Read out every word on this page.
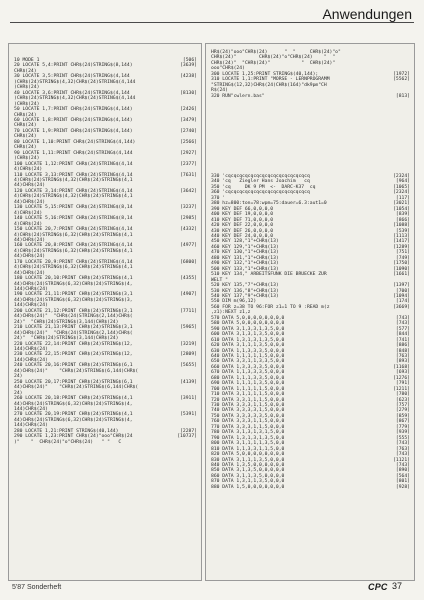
Anwendungen
10 MODE 1	[506]
20 LOCATE 5,4:PRINT CHR$(24)STRING$(8,144)	[3639]
CHR$(24)
30 LOCATE 3,5:PRINT CHR$(24)STRING$(4,144	[4238]
)CHR$(24)STRING$(4,32)CHR$(24)STRING$(4,144
)CHR$(24)
40 LOCATE 3,6:PRINT CHR$(24)STRING$(4,144	[8130]
)CHR$(24)STRING$(4,32)CHR$(24)STRING$(4,144
)CHR$(24)
50 LOCATE 1,7:PRINT CHR$(24)STRING$(4,144)	[2426]
CHR$(24)
60 LOCATE 1,8:PRINT CHR$(24)STRING$(4,144)	[3479]
CHR$(24)
70 LOCATE 1,9:PRINT CHR$(24)STRING$(4,144)	[2740]
CHR$(24)
80 LOCATE 1,10:PRINT CHR$(24)STRING$(4,144)	[2566]
CHR$(24)
90 LOCATE 1,11:PRINT CHR$(24)STRING$(4,144	[2927]
)CHR$(24)
100 LOCATE 1,12:PRINT CHR$(24)STRING$(4,14	[2377]
4)CHR$(24)
110 LOCATE 3,13:PRINT CHR$(24)STRING$(4,14	[7631]
4)CHR$(24)STRING$(4,32)CHR$(24)STRING$(4,1
44)CHR$(24)
120 LOCATE 3,14:PRINT CHR$(24)STRING$(4,14	[3642]
4)CHR$(24)STRING$(4,32)CHR$(24)STRING$(4,1
44)CHR$(24)
130 LOCATE 5,15:PRINT CHR$(24)STRING$(8,14	[3237]
4)CHR$(24)
140 LOCATE 5,16:PRINT CHR$(24)STRING$(8,14	[2985]
4)CHR$(24)
150 LOCATE 20,7:PRINT CHR$(24)STRING$(4,14	[4332]
4)CHR$(24)STRING$(6,32)CHR$(24)STRING$(4,1
44)CHR$(24)
160 LOCATE 20,8:PRINT CHR$(24)STRING$(4,14	[4977]
4)CHR$(24)STRING$(6,32)CHR$(24)STRING$(4,1
44)CHR$(24)
170 LOCATE 20,9:PRINT CHR$(24)STRING$(4,14	[6800]
4)CHR$(24)STRING$(6,32)CHR$(24)STRING$(4,1
44)CHR$(24)
180 LOCATE 20,10:PRINT CHR$(24)STRING$(4,1	[4355]
44)CHR$(24)STRING$(6,32)CHR$(24)STRING$(4,
144)CHR$(24)
190 LOCATE 21,11:PRINT CHR$(24)STRING$(3,1	[4907]
44)CHR$(24)STRING$(6,32)CHR$(24)STRING$(3,
144)CHR$(24)
200 LOCATE 21,12:PRINT CHR$(24)STRING$(3,1	[7711]
44)CHR$(24)"  "CHR$(24)STRING$(2,144)CHR$(
24)"  "CHR$(24)STRING$(3,144)CHR$(24)
210 LOCATE 21,13:PRINT CHR$(24)STRING$(3,1	[5965]
44)CHR$(24)"  "CHR$(24)STRING$(2,144)CHR$(
24)"  "CHR$(24)STRING$(3,144)CHR$(24)
220 LOCATE 22,14:PRINT CHR$(24)STRING$(12,	[3219]
144)CHR$(24)
230 LOCATE 22,15:PRINT CHR$(24)STRING$(12,	[2809]
144)CHR$(24)
240 LOCATE 20,16:PRINT CHR$(24)STRING$(6,1	[5655]
44)CHR$(24)"    "CHR$(24)STRING$(6,144)CHR$(
24)
250 LOCATE 20,17:PRINT CHR$(24)STRING$(6,1	[4139]
44)CHR$(24)"    "CHR$(24)STRING$(6,144)CHR$(
24)
260 LOCATE 20,18:PRINT CHR$(24)STRING$(4,1	[3911]
44)CHR$(24)STRING$(6,32)CHR$(24)STRING$(4,
144)CHR$(24)
270 LOCATE 20,19:PRINT CHR$(24)STRING$(4,1	[5391]
44)CHR$(24)STRING$(6,32)CHR$(24)STRING$(4,
144)CHR$(24)
280 LOCATE 1,21:PRINT STRING$(40,144)	[2287]
290 LOCATE 1,23:PRINT CHR$(24)"ooo"CHR$(24	[10737]
)"    "  CHR$(24)"o"CHR$(24)   " "   C
HR$(24)"ooo"CHR$(24)      "  "     CHR$(24)"o"
CHR$(24)"        CHR$(24)"o"CHR$(24)    "  "
CHR$(24)"  "CHR$(24)"           "  CHR$(24)"
ooo"CHR$(24)
300 LOCATE 1,25:PRINT STRING$(40,144);	[1972]
310 LOCATE 1,1:PRINT "MORSE - LERNPROGRAMM	[5562]
"STRING$(12,32)CHR$(24)CHR$(164)"dk9pm"CH
R$(24)
320 RUN"cwlern.bas"	[813]
330 'cqcqcqcqcqcqcqcqcqcqcqcqcqcqcq	[2324]
340 'cq   Ziegler Hans Joachim   cq	[964]
350 'cq     DK 9 PM  <-  DARC-K37  cq	[1065]
360 'cqcqcqcqcqcqcqcqcqcqcqcqcqcqcq	[2324]
370 '	[117]
380 hz=800:ton=78:wpm=75:dauer=6.3:aut1=0	[3021]
390 KEY DEF 66,0,0,0,0	[1054]
400 KEY DEF 19,0,0,0,0	[839]
410 KEY DEF 71,0,0,0,0	[866]
420 KEY DEF 22,0,0,0,0	[1088]
430 KEY DEF 26,0,0,0,0	[539]
440 KEY DEF 24,0,0,0,0	[1113]
450 KEY 128,"1"+CHR$(13)	[1417]
460 KEY 129,"1"+CHR$(13)	[1289]
470 KEY 130,"1"+CHR$(13)	[751]
480 KEY 131,"1"+CHR$(13)	[749]
490 KEY 132,"1"+CHR$(13)	[1750]
500 KEY 133,"1"+CHR$(13)	[1090]
510 KEY 134," ARBEITSFUNK DIE BRUECKE ZUR	[1661]
WELT "
520 KEY 135,"7"+CHR$(13)	[1397]
530 KEY 136,"8"+CHR$(13)	[700]
540 KEY 137,"9"+CHR$(13)	[1094]
550 DIM m(96,12)	[174]
560 FOR z=38 TO 96:FOR z1=1 TO 9 :READ m(z	[3669]
,z1):NEXT z1,z
570 DATA 5,0,0,0,0,0,0,0,0	[743]
580 DATA 5,0,0,0,0,0,0,0,0	[743]
590 DATA 3,1,3,3,1,3,5,0,0	[577]
600 DATA 3,1,3,1,3,5,0,0,0	[844]
610 DATA 1,3,1,3,1,3,5,0,0	[741]
620 DATA 3,1,1,1,3,5,0,0,0	[886]
630 DATA 1,1,3,3,3,5,0,0,0	[848]
640 DATA 1,1,1,1,1,5,0,0,0	[763]
650 DATA 3,3,1,1,3,3,5,0,0	[893]
660 DATA 1,3,3,3,3,5,0,0,0	[1168]
670 DATA 1,1,3,3,3,5,0,0,0	[693]
680 DATA 1,1,1,3,3,5,0,0,0	[1276]
690 DATA 1,1,1,1,3,5,0,0,0	[791]
700 DATA 1,1,1,1,1,5,0,0,0	[1211]
710 DATA 3,1,1,1,1,5,0,0,0	[780]
720 DATA 3,3,1,1,1,5,0,0,0	[623]
730 DATA 3,3,3,1,1,5,0,0,0	[757]
740 DATA 3,3,3,3,1,5,0,0,0	[279]
750 DATA 3,3,3,3,3,5,0,0,0	[859]
760 DATA 3,3,3,1,1,5,0,0,0	[867]
770 DATA 3,3,3,1,1,5,0,0,0	[779]
780 DATA 3,1,3,1,3,1,5,0,0	[939]
790 DATA 1,3,1,3,1,3,5,0,0	[555]
800 DATA 3,1,1,1,1,3,5,0,0	[743]
810 DATA 1,1,3,3,1,1,5,0,0	[763]
820 DATA 5,0,0,0,0,0,0,0,0	[743]
830 DATA 3,1,1,1,3,5,0,0,0	[1121]
840 DATA 1,3,5,0,0,0,0,0,0	[743]
850 DATA 3,1,3,5,0,0,0,0,0	[890]
860 DATA 3,1,1,3,5,0,0,0,0	[564]
870 DATA 1,3,1,1,3,5,0,0,0	[801]
880 DATA 1,5,0,0,0,0,0,0,0	[928]
5'87 Sonderheft	CPC 37
